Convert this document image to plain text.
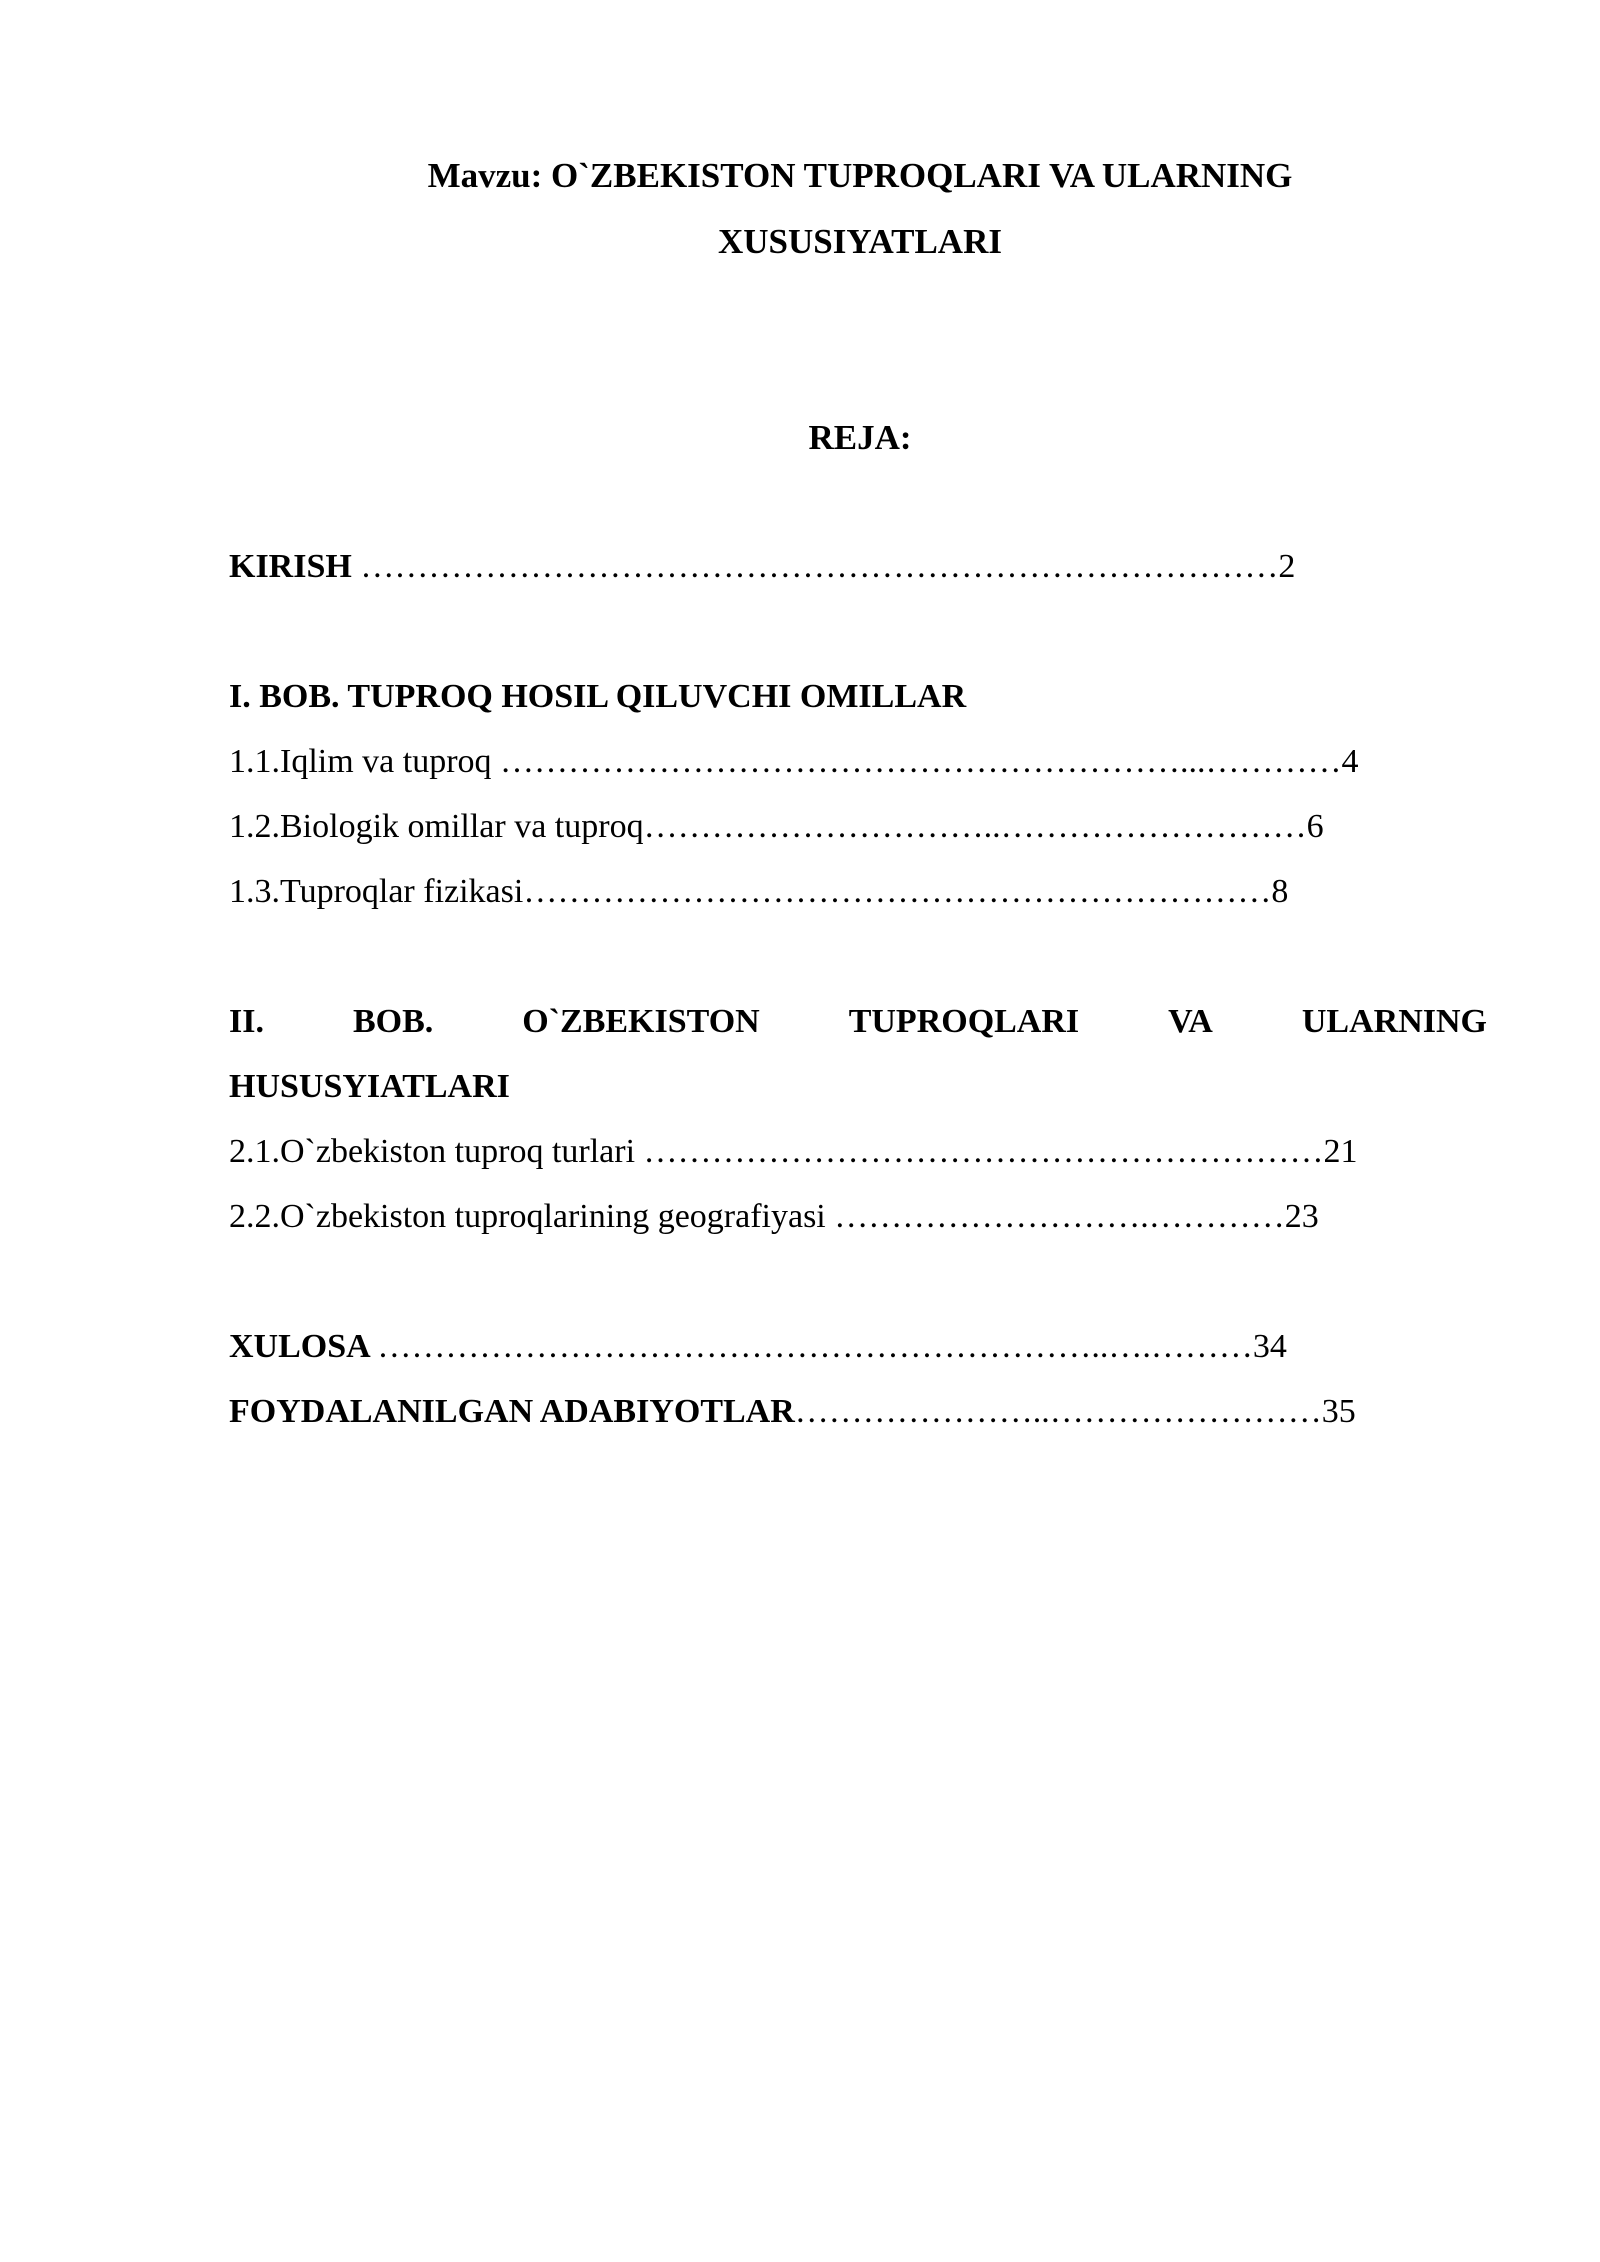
Mavzu: O`ZBEKISTON TUPROQLARI VA ULARNING
XUSUSIYATLARI
REJA:
KIRISH ………………………………………………………………………2
I. BOB. TUPROQ HOSIL QILUVCHI OMILLAR
1.1.Iqlim va tuproq ……………………………………………………...…………4
1.2.Biologik omillar va tuproq…………………………..………………………6
1.3.Tuproqlar fizikasi…………………………………………………………8
II.	BOB.	O`ZBEKISTON	TUPROQLARI	VA	ULARNING
HUSUSYIATLARI
2.1.O`zbekiston tuproq turlari ……………………………………………………21
2.2.O`zbekiston tuproqlarining geografiyasi ……………………….…………23
XULOSA ………………………………………………………..….………34
FOYDALANILGAN ADABIYOTLAR…………………..……………………35
